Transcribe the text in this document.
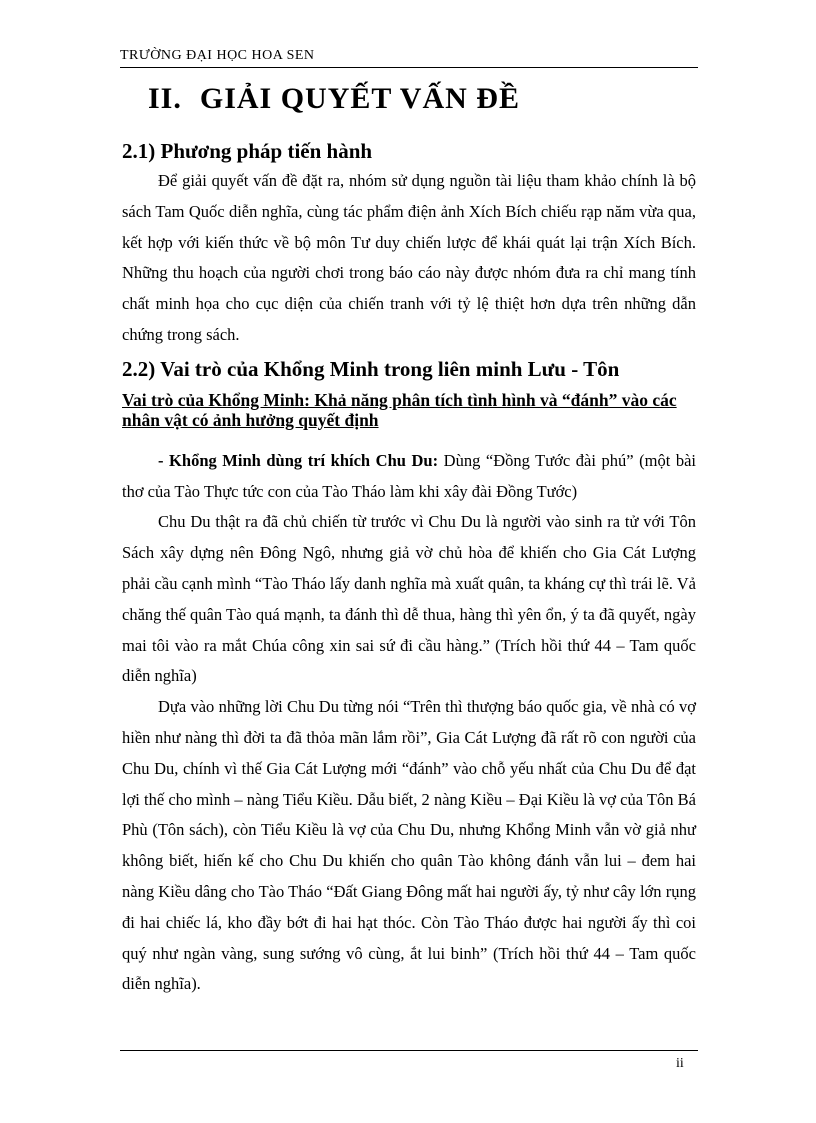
TRƯỜNG ĐẠI HỌC HOA SEN
II. GIẢI QUYẾT VẤN ĐỀ
2.1) Phương pháp tiến hành

Để giải quyết vấn đề đặt ra, nhóm sử dụng nguồn tài liệu tham khảo chính là bộ sách Tam Quốc diễn nghĩa, cùng tác phẩm điện ảnh Xích Bích chiếu rạp năm vừa qua, kết hợp với kiến thức về bộ môn Tư duy chiến lược để khái quát lại trận Xích Bích. Những thu hoạch của người chơi trong báo cáo này được nhóm đưa ra chỉ mang tính chất minh họa cho cục diện của chiến tranh với tỷ lệ thiệt hơn dựa trên những dẫn chứng trong sách.

2.2) Vai trò của Khổng Minh trong liên minh Lưu - Tôn
Vai trò của Khổng Minh: Khả năng phân tích tình hình và “đánh” vào các nhân vật có ảnh hưởng quyết định

- Khổng Minh dùng trí khích Chu Du: Dùng “Đồng Tước đài phú” (một bài thơ của Tào Thực tức con của Tào Tháo làm khi xây đài Đồng Tước)

Chu Du thật ra đã chủ chiến từ trước vì Chu Du là người vào sinh ra tử với Tôn Sách xây dựng nên Đông Ngô, nhưng giả vờ chủ hòa để khiến cho Gia Cát Lượng phải cầu cạnh mình “Tào Tháo lấy danh nghĩa mà xuất quân, ta kháng cự thì trái lẽ. Vả chăng thế quân Tào quá mạnh, ta đánh thì dễ thua, hàng thì yên ổn, ý ta đã quyết, ngày mai tôi vào ra mắt Chúa công xin sai sứ đi cầu hàng.” (Trích hồi thứ 44 – Tam quốc diễn nghĩa)

Dựa vào những lời Chu Du từng nói “Trên thì thượng báo quốc gia, về nhà có vợ hiền như nàng thì đời ta đã thỏa mãn lắm rồi”, Gia Cát Lượng đã rất rõ con người của Chu Du, chính vì thế Gia Cát Lượng mới “đánh” vào chỗ yếu nhất của Chu Du để đạt lợi thế cho mình – nàng Tiểu Kiều. Dẫu biết, 2 nàng Kiều – Đại Kiều là vợ của Tôn Bá Phù (Tôn sách), còn Tiểu Kiều là vợ của Chu Du, nhưng Khổng Minh vẫn vờ giả như không biết, hiến kế cho Chu Du khiến cho quân Tào không đánh vẫn lui – đem hai nàng Kiều dâng cho Tào Tháo “Đất Giang Đông mất hai người ấy, tỷ như cây lớn rụng đi hai chiếc lá, kho đầy bớt đi hai hạt thóc. Còn Tào Tháo được hai người ấy thì coi quý như ngàn vàng, sung sướng vô cùng, ắt lui binh” (Trích hồi thứ 44 – Tam quốc diễn nghĩa).

ii
